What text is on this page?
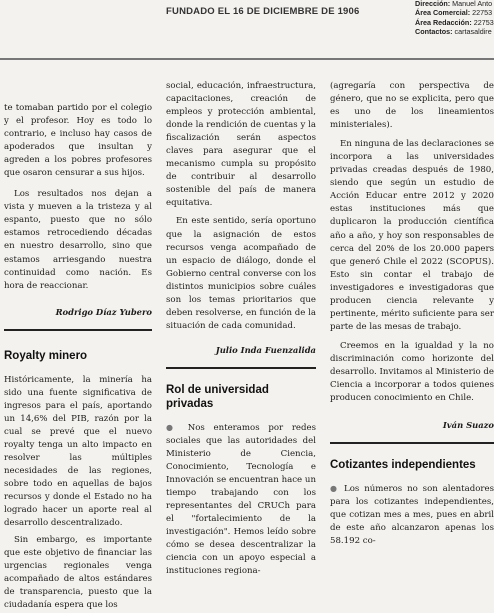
FUNDADO EL 16 DE DICIEMBRE DE 1906
Dirección: Manuel Anto
Área Comercial: 22753
Área Redacción: 22753
Contactos: cartasaldire

te tomaban partido por el colegio y el profesor. Hoy es todo lo contrario, e incluso hay casos de apoderados que insultan y agreden a los pobres profesores que osaron censurar a sus hijos.

Los resultados nos dejan a vista y mueven a la tristeza y al espanto, puesto que no sólo estamos retrocediendo décadas en nuestro desarrollo, sino que estamos arriesgando nuestra continuidad como nación. Es hora de reaccionar.

Rodrigo Díaz Yubero

Royalty minero

Históricamente, la minería ha sido una fuente significativa de ingresos para el país, aportando un 14,6% del PIB, razón por la cual se prevé que el nuevo royalty tenga un alto impacto en resolver las múltiples necesidades de las regiones, sobre todo en aquellas de bajos recursos y donde el Estado no ha logrado hacer un aporte real al desarrollo descentralizado.

Sin embargo, es importante que este objetivo de financiar las urgencias regionales venga acompañado de altos estándares de transparencia, puesto que la ciudadanía espera que los

social, educación, infraestructura, capacitaciones, creación de empleos y protección ambiental, donde la rendición de cuentas y la fiscalización serán aspectos claves para asegurar que el mecanismo cumpla su propósito de contribuir al desarrollo sostenible del país de manera equitativa.

En este sentido, sería oportuno que la asignación de estos recursos venga acompañado de un espacio de diálogo, donde el Gobierno central converse con los distintos municipios sobre cuáles son los temas prioritarios que deben resolverse, en función de la situación de cada comunidad.

Julio Inda Fuenzalida

Rol de universidad privadas

● Nos enteramos por redes sociales que las autoridades del Ministerio de Ciencia, Conocimiento, Tecnología e Innovación se encuentran hace un tiempo trabajando con los representantes del CRUCh para el "fortalecimiento de la investigación". Hemos leído sobre cómo se desea descentralizar la ciencia con un apoyo especial a instituciones regiona-

(agregaría con perspectiva de género, que no se explicita, pero que es uno de los lineamientos ministeriales).

En ninguna de las declaraciones se incorpora a las universidades privadas creadas después de 1980, siendo que según un estudio de Acción Educar entre 2012 y 2020 estas instituciones más que duplicaron la producción científica año a año, y hoy son responsables de cerca del 20% de los 20.000 papers que generó Chile el 2022 (SCOPUS). Esto sin contar el trabajo de investigadores e investigadoras que producen ciencia relevante y pertinente, mérito suficiente para ser parte de las mesas de trabajo.

Creemos en la igualdad y la no discriminación como horizonte del desarrollo. Invitamos al Ministerio de Ciencia a incorporar a todos quienes producen conocimiento en Chile.

Iván Suazo

Cotizantes independientes

● Los números no son alentadores para los cotizantes independientes, que cotizan mes a mes, pues en abril de este año alcanzaron apenas los 58.192 co-
